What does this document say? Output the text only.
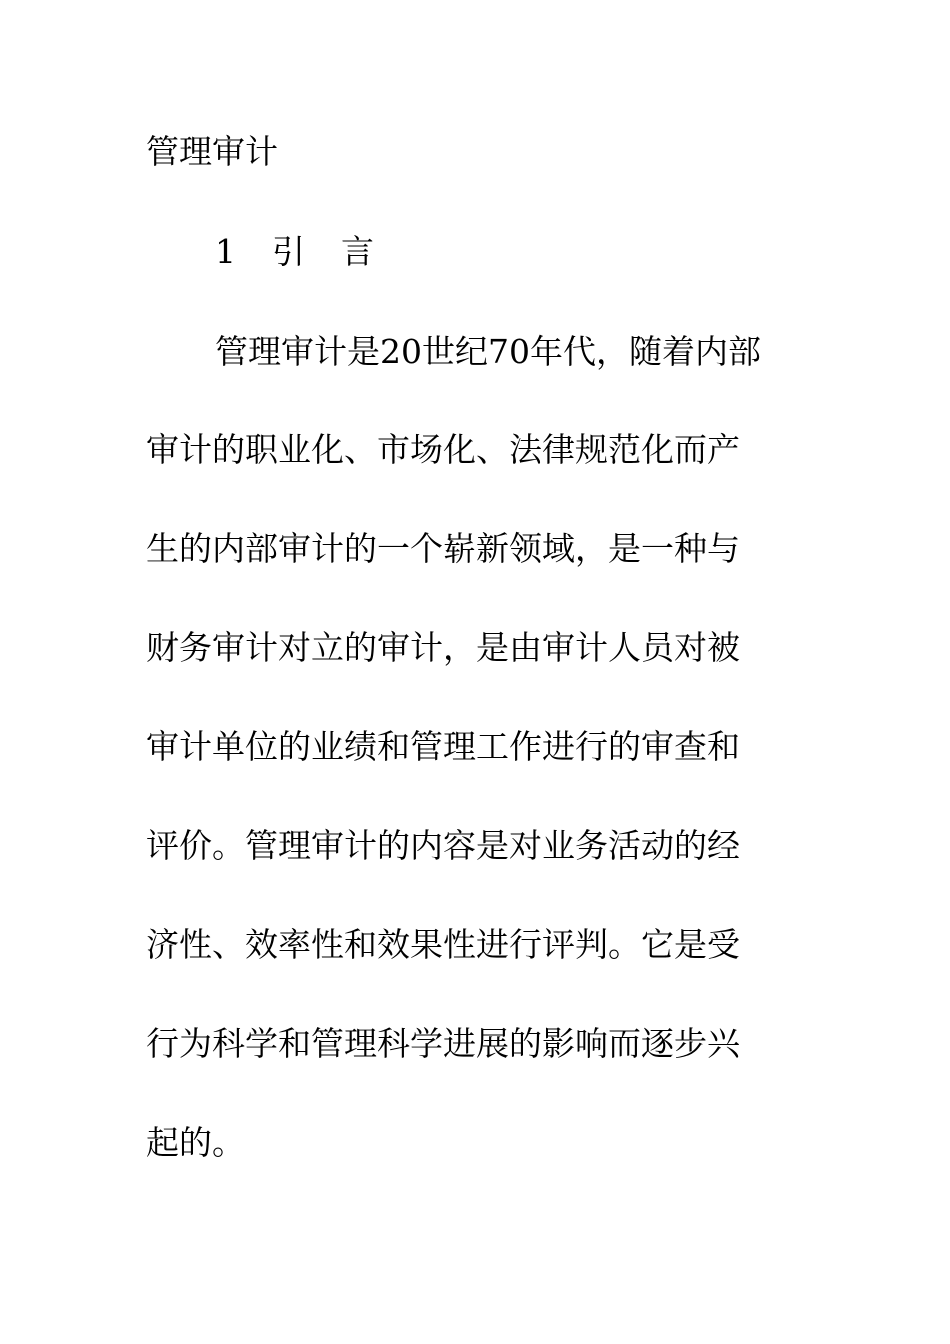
管理审计
1 引 言
管理审计是20世纪70年代，随着内部
审计的职业化、市场化、法律规范化而产
生的内部审计的一个崭新领域，是一种与
财务审计对立的审计，是由审计人员对被
审计单位的业绩和管理工作进行的审查和
评价。管理审计的内容是对业务活动的经
济性、效率性和效果性进行评判。它是受
行为科学和管理科学进展的影响而逐步兴
起的。
